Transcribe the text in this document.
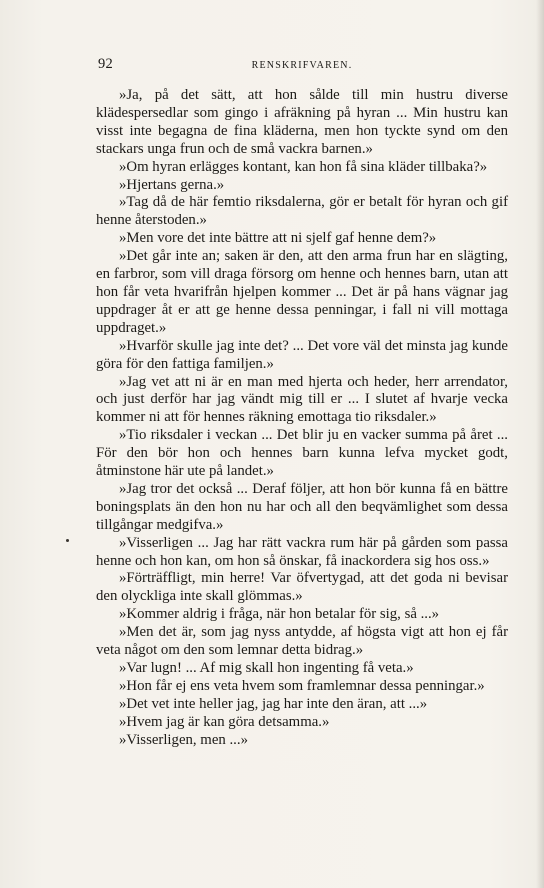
92	RENSKRIFVAREN.

»Ja, på det sätt, att hon sålde till min hustru diverse klädespersedlar som gingo i afräkning på hyran ... Min hustru kan visst inte begagna de fina kläderna, men hon tyckte synd om den stackars unga frun och de små vackra barnen.»

»Om hyran erlägges kontant, kan hon få sina kläder tillbaka?»

»Hjertans gerna.»

»Tag då de här femtio riksdalerna, gör er betalt för hyran och gif henne återstoden.»

»Men vore det inte bättre att ni sjelf gaf henne dem?»

»Det går inte an; saken är den, att den arma frun har en slägting, en farbror, som vill draga försorg om henne och hennes barn, utan att hon får veta hvarifrån hjelpen kommer ... Det är på hans vägnar jag uppdrager åt er att ge henne dessa penningar, i fall ni vill mottaga uppdraget.»

»Hvarför skulle jag inte det? ... Det vore väl det minsta jag kunde göra för den fattiga familjen.»

»Jag vet att ni är en man med hjerta och heder, herr arrendator, och just derför har jag vändt mig till er ... I slutet af hvarje vecka kommer ni att för hennes räkning emottaga tio riksdaler.»

»Tio riksdaler i veckan ... Det blir ju en vacker summa på året ... För den bör hon och hennes barn kunna lefva mycket godt, åtminstone här ute på landet.»

»Jag tror det också ... Deraf följer, att hon bör kunna få en bättre boningsplats än den hon nu har och all den beqvämlighet som dessa tillgångar medgifva.»

»Visserligen ... Jag har rätt vackra rum här på gården som passa henne och hon kan, om hon så önskar, få inackordera sig hos oss.»

»Förträffligt, min herre! Var öfvertygad, att det goda ni bevisar den olyckliga inte skall glömmas.»

»Kommer aldrig i fråga, när hon betalar för sig, så ...»

»Men det är, som jag nyss antydde, af högsta vigt att hon ej får veta något om den som lemnar detta bidrag.»

»Var lugn! ... Af mig skall hon ingenting få veta.»

»Hon får ej ens veta hvem som framlemnar dessa penningar.»

»Det vet inte heller jag, jag har inte den äran, att ...»

»Hvem jag är kan göra detsamma.»

»Visserligen, men ...»
